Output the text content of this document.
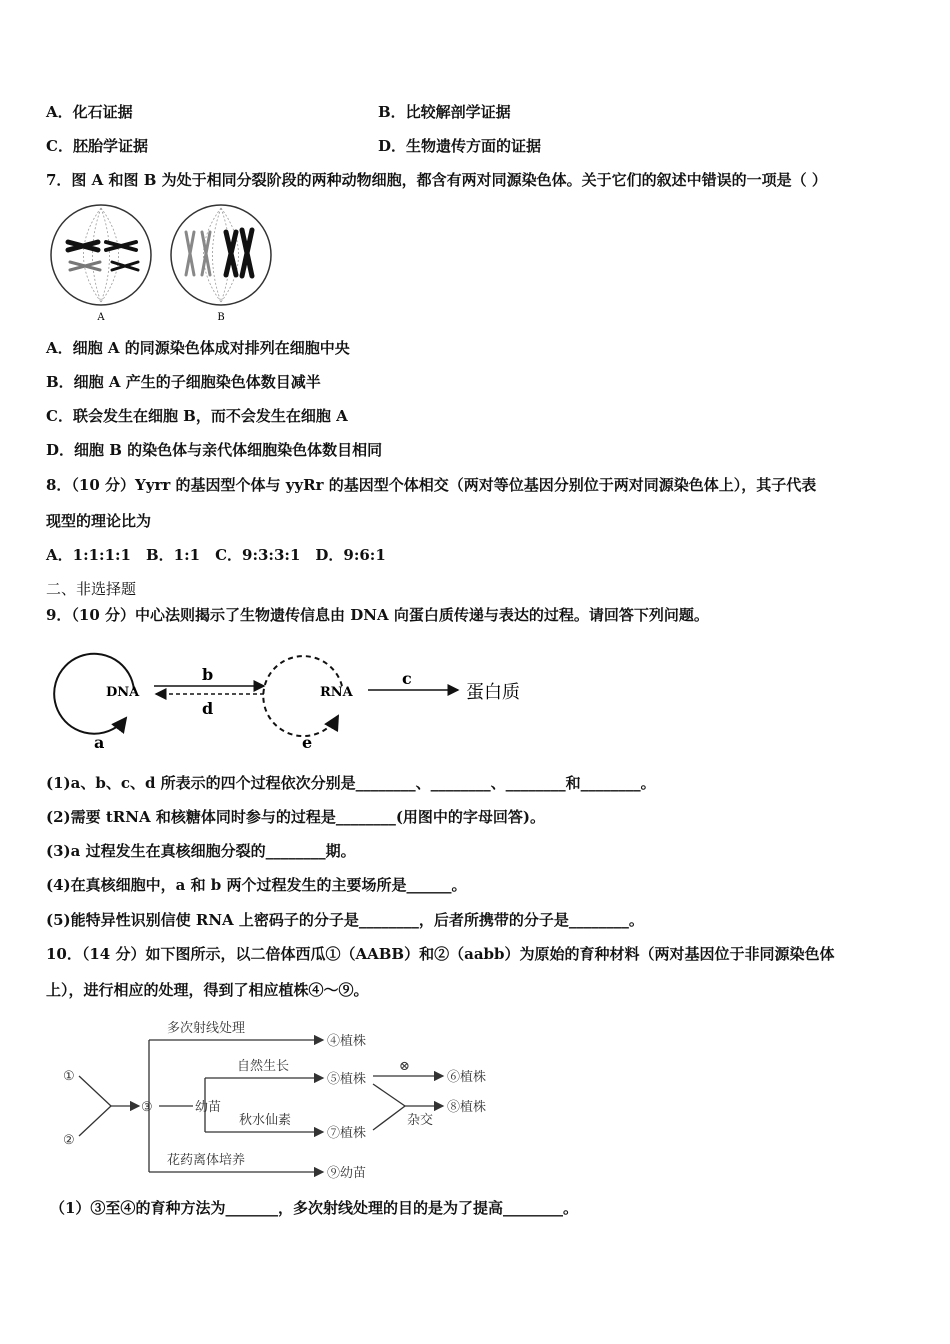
A．化石证据	B．比较解剖学证据
C．胚胎学证据	D．生物遗传方面的证据
7．图 A 和图 B 为处于相同分裂阶段的两种动物细胞，都含有两对同源染色体。关于它们的叙述中错误的一项是（ ）
A	B
A．细胞 A 的同源染色体成对排列在细胞中央
B．细胞 A 产生的子细胞染色体数目减半
C．联会发生在细胞 B，而不会发生在细胞 A
D．细胞 B 的染色体与亲代体细胞染色体数目相同
8．（10 分）Yyrr 的基因型个体与 yyRr 的基因型个体相交（两对等位基因分别位于两对同源染色体上），其子代表
现型的理论比为
A．1:1:1:1　B．1:1　C．9:3:3:1　D．9:6:1
二、非选择题
9．（10 分）中心法则揭示了生物遗传信息由 DNA 向蛋白质传递与表达的过程。请回答下列问题。
DNA
a
b
d
RNA
e
c
蛋白质
(1)a、b、c、d 所表示的四个过程依次分别是________、________、________和________。
(2)需要 tRNA 和核糖体同时参与的过程是________(用图中的字母回答)。
(3)a 过程发生在真核细胞分裂的________期。
(4)在真核细胞中，a 和 b 两个过程发生的主要场所是______。
(5)能特异性识别信使 RNA 上密码子的分子是________，后者所携带的分子是________。
10．（14 分）如下图所示，以二倍体西瓜①（AABB）和②（aabb）为原始的育种材料（两对基因位于非同源染色体
上），进行相应的处理，得到了相应植株④～⑨。
①
②
③
多次射线处理
④植株
幼苗
自然生长
⑤植株
秋水仙素
⑦植株
⊗
⑥植株
杂交
⑧植株
花药离体培养
⑨幼苗
（1）③至④的育种方法为_______，多次射线处理的目的是为了提高________。
